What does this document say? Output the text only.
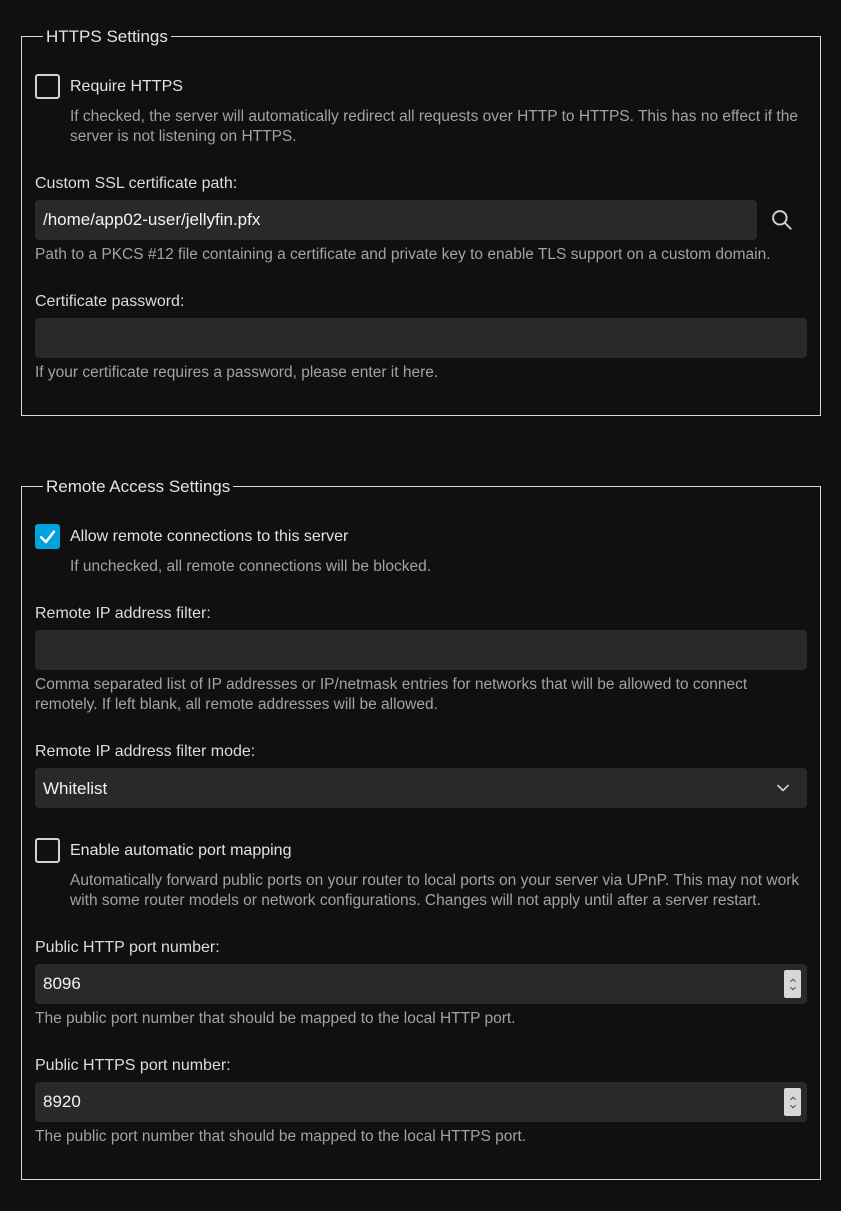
HTTPS Settings
Require HTTPS
If checked, the server will automatically redirect all requests over HTTP to HTTPS. This has no effect if the server is not listening on HTTPS.
Custom SSL certificate path:
/home/app02-user/jellyfin.pfx
Path to a PKCS #12 file containing a certificate and private key to enable TLS support on a custom domain.
Certificate password:
If your certificate requires a password, please enter it here.
Remote Access Settings
Allow remote connections to this server
If unchecked, all remote connections will be blocked.
Remote IP address filter:
Comma separated list of IP addresses or IP/netmask entries for networks that will be allowed to connect remotely. If left blank, all remote addresses will be allowed.
Remote IP address filter mode:
Whitelist
Enable automatic port mapping
Automatically forward public ports on your router to local ports on your server via UPnP. This may not work with some router models or network configurations. Changes will not apply until after a server restart.
Public HTTP port number:
8096
The public port number that should be mapped to the local HTTP port.
Public HTTPS port number:
8920
The public port number that should be mapped to the local HTTPS port.
